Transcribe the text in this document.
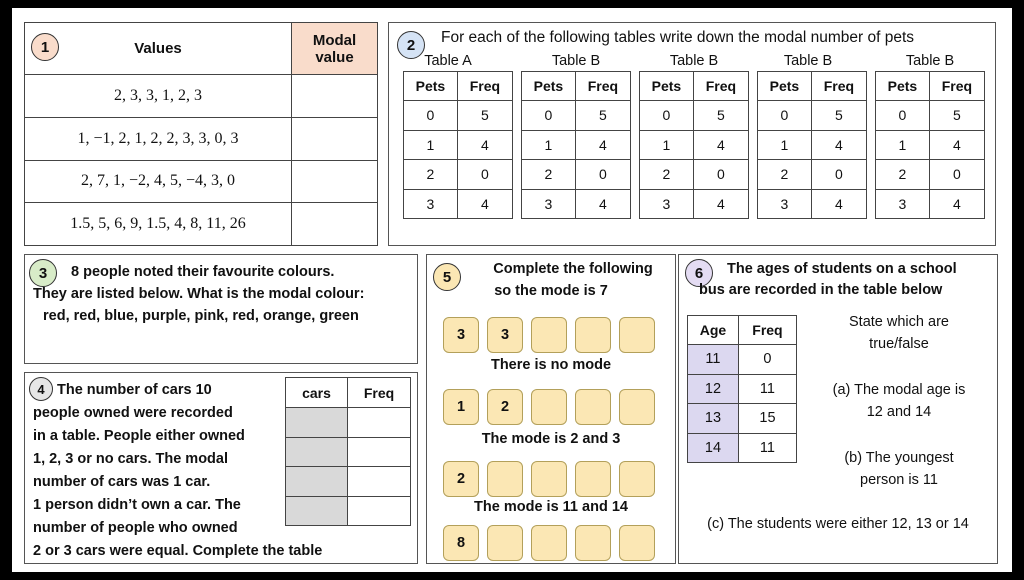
1 Values	Modal value
2, 3, 3, 1, 2, 3	
1, −1, 2, 1, 2, 2, 3, 3, 0, 3	
2, 7, 1, −2, 4, 5, −4, 3, 0	
1.5, 5, 6, 9, 1.5, 4, 8, 11, 26	
2	For each of the following tables write down the modal number of pets
Table A
Pets	Freq
0	5
1	4
2	0
3	4
Table B
Pets	Freq
0	5
1	4
2	0
3	4
Table B
Pets	Freq
0	5
1	4
2	0
3	4
Table B
Pets	Freq
0	5
1	4
2	0
3	4
Table B
Pets	Freq
0	5
1	4
2	0
3	4
3	8 people noted their favourite colours.
They are listed below. What is the modal colour:
red, red, blue, purple, pink, red, orange, green
4 The number of cars 10
people owned were recorded
in a table. People either owned
1, 2, 3 or no cars. The modal
number of cars was 1 car.
1 person didn’t own a car. The
number of people who owned
2 or 3 cars were equal. Complete the table
cars	Freq

5	Complete the following
so the mode is 7
There is no mode
The mode is 2 and 3
The mode is 11 and 14
3	3
1	2
2
8
6	The ages of students on a school
bus are recorded in the table below
Age	Freq
11	0
12	11
13	15
14	11
State which are
true/false
(a) The modal age is
12 and 14
(b) The youngest
person is 11
(c) The students were either 12, 13 or 14
